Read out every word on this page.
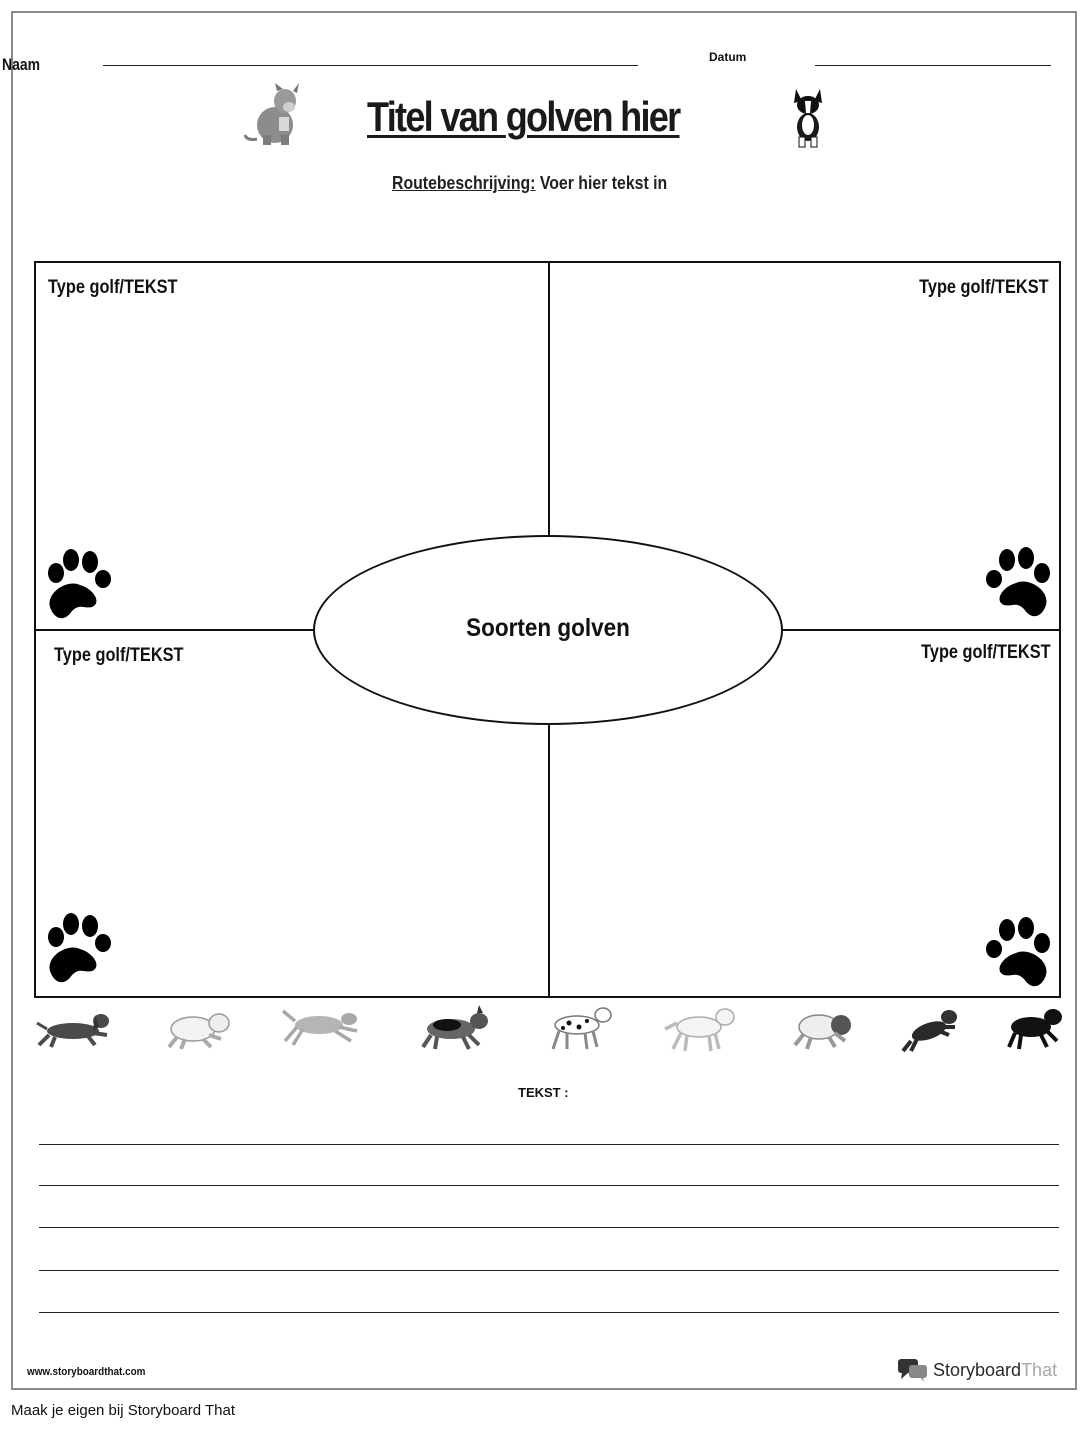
Naam	Datum
Titel van golven hier
Routebeschrijving: Voer hier tekst in
Type golf/TEKST	Type golf/TEKST
Type golf/TEKST	Type golf/TEKST
Soorten golven
TEKST :
www.storyboardthat.com	StoryboardThat
Maak je eigen bij Storyboard That
